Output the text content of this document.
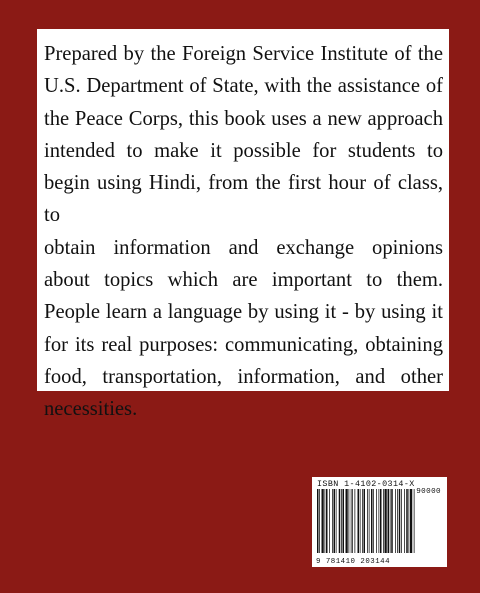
Prepared by the Foreign Service Institute of the

U.S. Department of State, with the assistance of

the Peace Corps, this book uses a new approach

intended to make it possible for students to

begin using Hindi, from the first hour of class, to

obtain information and exchange opinions

about topics which are important to them.

People learn a language by using it - by using it

for its real purposes: communicating, obtaining

food, transportation, information, and other

necessities.

ISBN 1-4102-0314-X
90000
9 781410 203144
